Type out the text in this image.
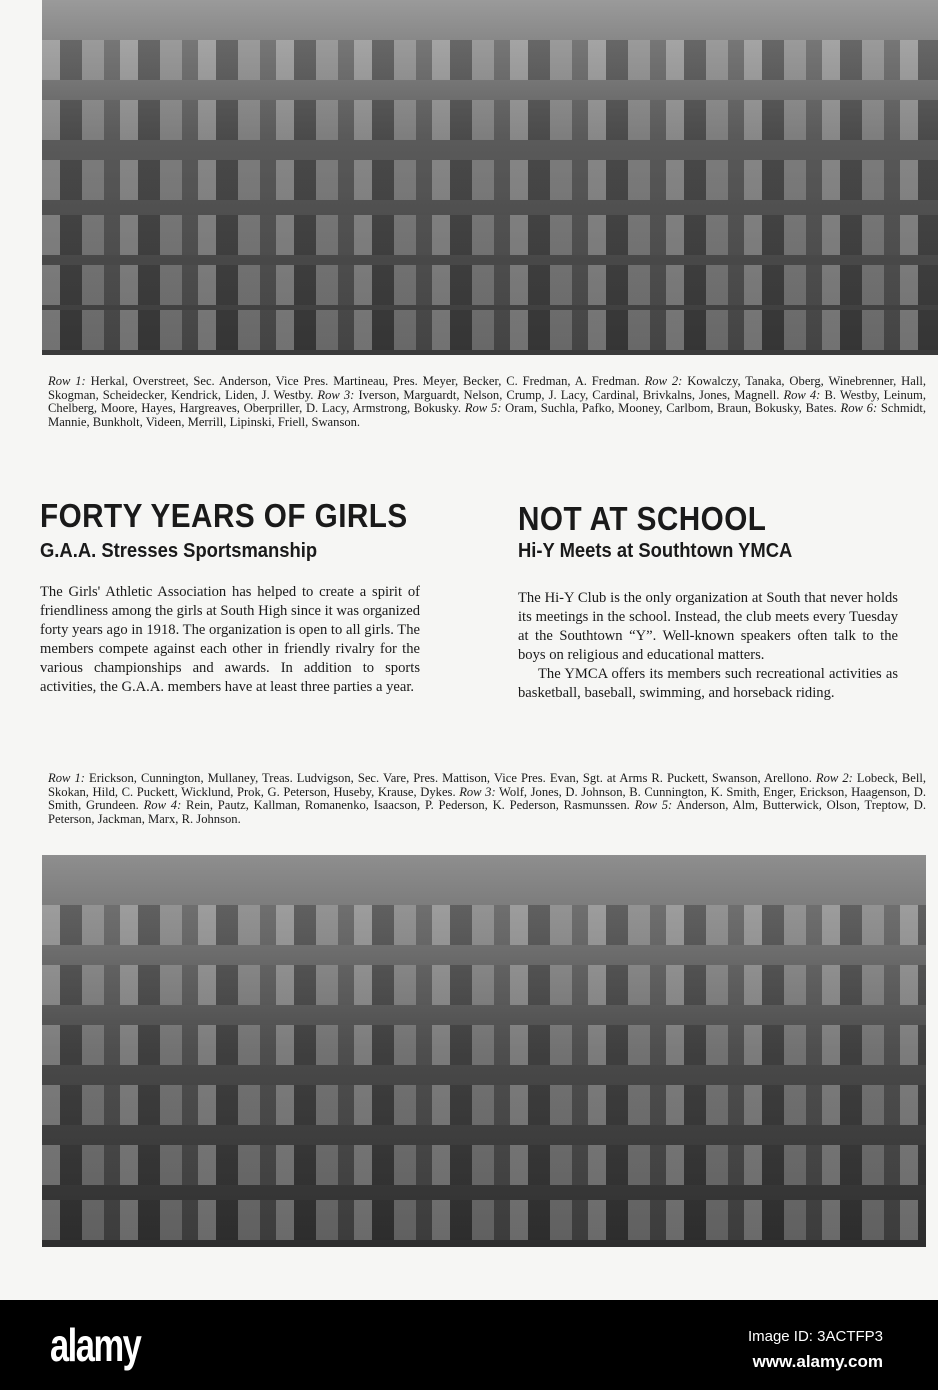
Row 1: Herkal, Overstreet, Sec. Anderson, Vice Pres. Martineau, Pres. Meyer, Becker, C. Fredman, A. Fredman. Row 2: Kowalczy, Tanaka, Oberg, Winebrenner, Hall, Skogman, Scheidecker, Kendrick, Liden, J. Westby. Row 3: Iverson, Marguardt, Nelson, Crump, J. Lacy, Cardinal, Brivkalns, Jones, Magnell. Row 4: B. Westby, Leinum, Chelberg, Moore, Hayes, Hargreaves, Oberpriller, D. Lacy, Armstrong, Bokusky. Row 5: Oram, Suchla, Pafko, Mooney, Carlbom, Braun, Bokusky, Bates. Row 6: Schmidt, Mannie, Bunkholt, Videen, Merrill, Lipinski, Friell, Swanson.
FORTY YEARS OF GIRLS
G.A.A. Stresses Sportsmanship

The Girls' Athletic Association has helped to create a spirit of friendliness among the girls at South High since it was organized forty years ago in 1918. The organization is open to all girls. The members compete against each other in friendly rivalry for the various championships and awards. In addition to sports activities, the G.A.A. members have at least three parties a year.

NOT AT SCHOOL
Hi-Y Meets at Southtown YMCA

The Hi-Y Club is the only organization at South that never holds its meetings in the school. Instead, the club meets every Tuesday at the Southtown “Y”. Well-known speakers often talk to the boys on religious and educational matters.

The YMCA offers its members such recreational activities as basketball, baseball, swimming, and horseback riding.

Row 1: Erickson, Cunnington, Mullaney, Treas. Ludvigson, Sec. Vare, Pres. Mattison, Vice Pres. Evan, Sgt. at Arms R. Puckett, Swanson, Arellono. Row 2: Lobeck, Bell, Skokan, Hild, C. Puckett, Wicklund, Prok, G. Peterson, Huseby, Krause, Dykes. Row 3: Wolf, Jones, D. Johnson, B. Cunnington, K. Smith, Enger, Erickson, Haagenson, D. Smith, Grundeen. Row 4: Rein, Pautz, Kallman, Romanenko, Isaacson, P. Pederson, K. Pederson, Rasmunssen. Row 5: Anderson, Alm, Butterwick, Olson, Treptow, D. Peterson, Jackman, Marx, R. Johnson.
alamy	Image ID: 3ACTFP3
www.alamy.com
